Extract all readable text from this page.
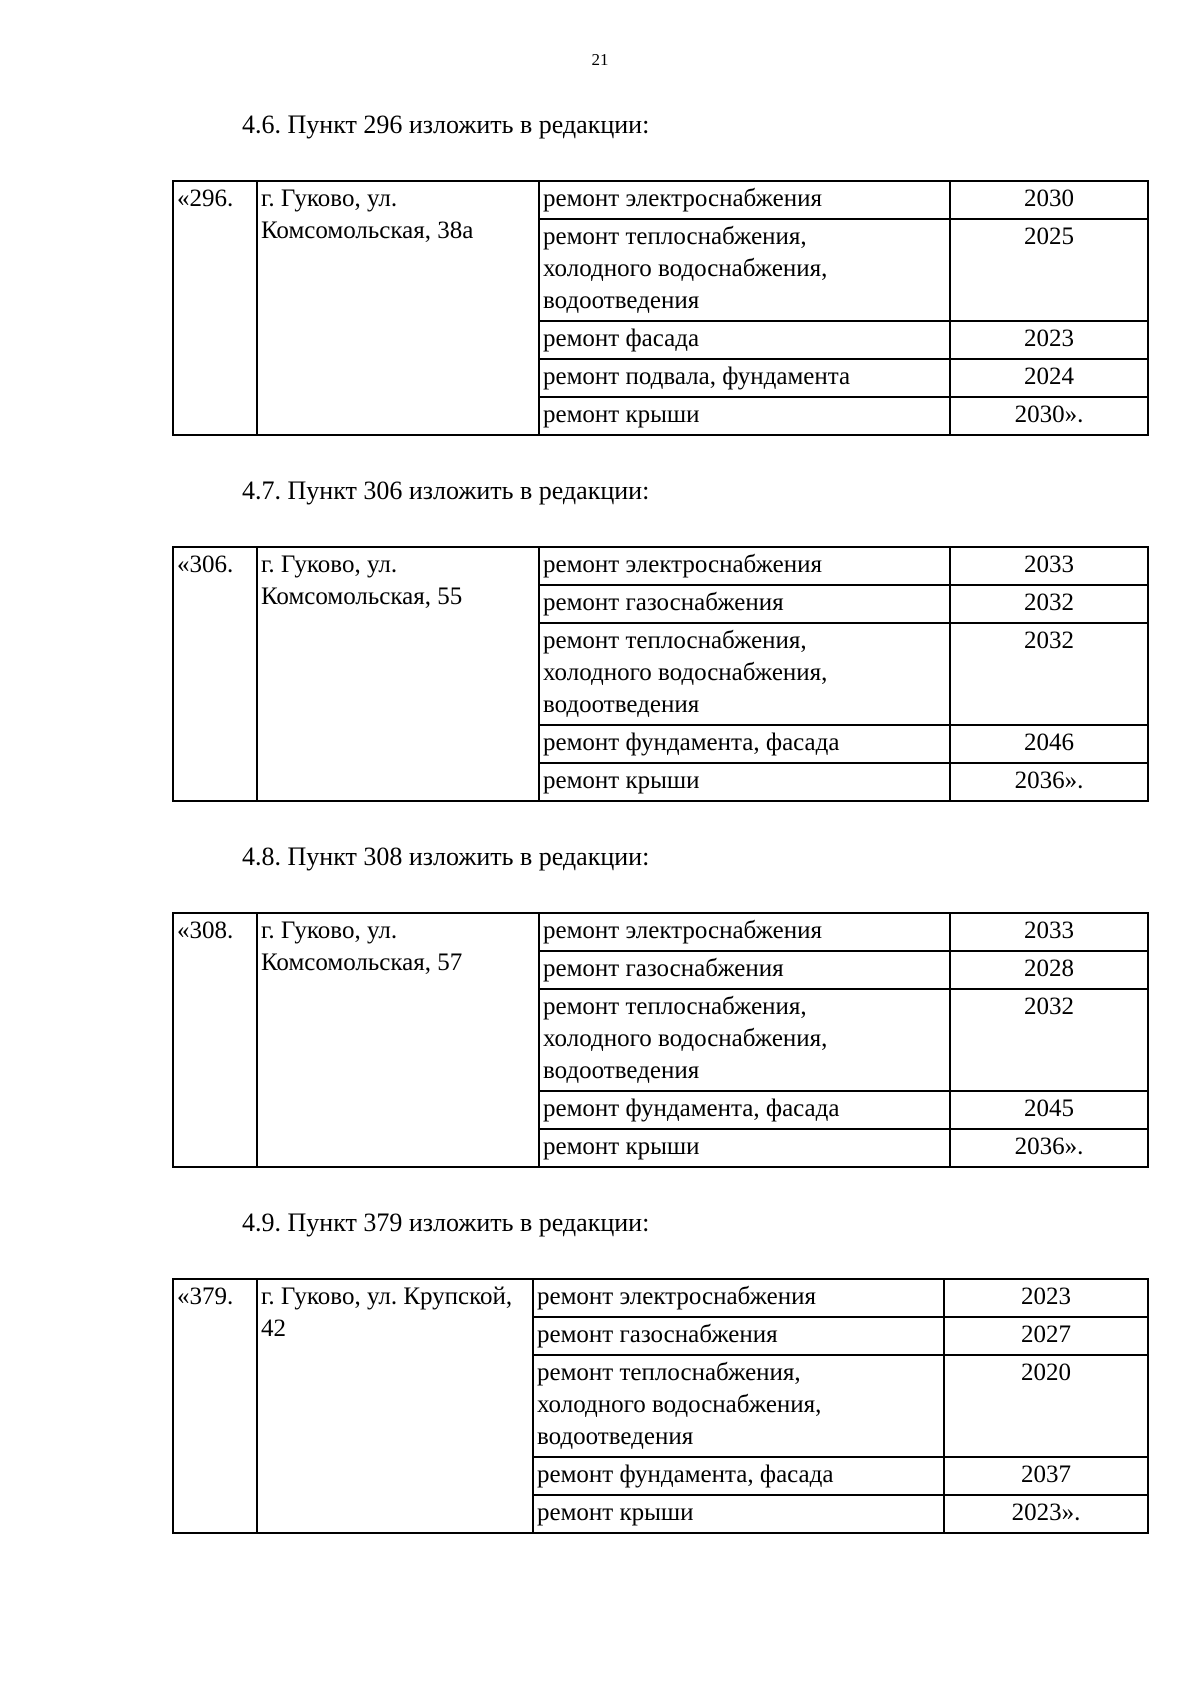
21
4.6. Пункт 296 изложить в редакции:
«296.	г. Гуково, ул. Комсомольская, 38а	ремонт электроснабжения	2030
		ремонт теплоснабжения, холодного водоснабжения, водоотведения	2025
		ремонт фасада	2023
		ремонт подвала, фундамента	2024
		ремонт крыши	2030».
4.7. Пункт 306 изложить в редакции:
«306.	г. Гуково, ул. Комсомольская, 55	ремонт электроснабжения	2033
		ремонт газоснабжения	2032
		ремонт теплоснабжения, холодного водоснабжения, водоотведения	2032
		ремонт фундамента, фасада	2046
		ремонт крыши	2036».
4.8. Пункт 308 изложить в редакции:
«308.	г. Гуково, ул. Комсомольская, 57	ремонт электроснабжения	2033
		ремонт газоснабжения	2028
		ремонт теплоснабжения, холодного водоснабжения, водоотведения	2032
		ремонт фундамента, фасада	2045
		ремонт крыши	2036».
4.9. Пункт 379 изложить в редакции:
«379.	г. Гуково, ул. Крупской, 42	ремонт электроснабжения	2023
		ремонт газоснабжения	2027
		ремонт теплоснабжения, холодного водоснабжения, водоотведения	2020
		ремонт фундамента, фасада	2037
		ремонт крыши	2023».
